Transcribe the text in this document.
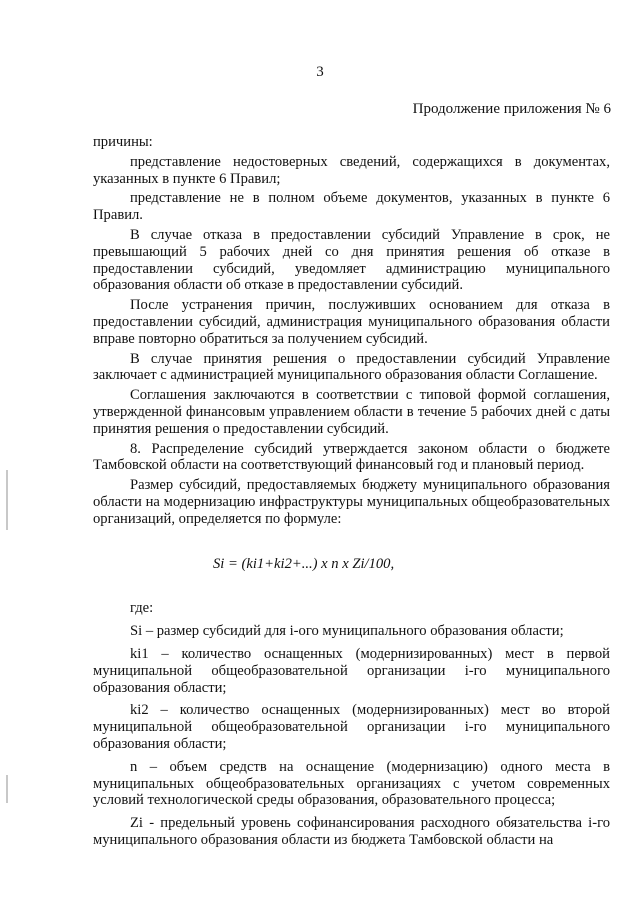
3
Продолжение приложения № 6

причины:

представление недостоверных сведений, содержащихся в документах, указанных в пункте 6 Правил;

представление не в полном объеме документов, указанных в пункте 6 Правил.

В случае отказа в предоставлении субсидий Управление в срок, не превышающий 5 рабочих дней со дня принятия решения об отказе в предоставлении субсидий, уведомляет администрацию муниципального образования области об отказе в предоставлении субсидий.

После устранения причин, послуживших основанием для отказа в предоставлении субсидий, администрация муниципального образования области вправе повторно обратиться за получением субсидий.

В случае принятия решения о предоставлении субсидий Управление заключает с администрацией муниципального образования области Соглашение.

Соглашения заключаются в соответствии с типовой формой соглашения, утвержденной финансовым управлением области в течение 5 рабочих дней с даты принятия решения о предоставлении субсидий.

8. Распределение субсидий утверждается законом области о бюджете Тамбовской области на соответствующий финансовый год и плановый период.

Размер субсидий, предоставляемых бюджету муниципального образования области на модернизацию инфраструктуры муниципальных общеобразовательных организаций, определяется по формуле:

Si = (ki1+ki2+...) x n x Zi/100,

где:

Si – размер субсидий для i-ого муниципального образования области;

ki1 – количество оснащенных (модернизированных) мест в первой муниципальной общеобразовательной организации i-го муниципального образования области;

ki2 – количество оснащенных (модернизированных) мест во второй муниципальной общеобразовательной организации i-го муниципального образования области;

n – объем средств на оснащение (модернизацию) одного места в муниципальных общеобразовательных организациях с учетом современных условий технологической среды образования, образовательного процесса;

Zi - предельный уровень софинансирования расходного обязательства i-го муниципального образования области из бюджета Тамбовской области на
